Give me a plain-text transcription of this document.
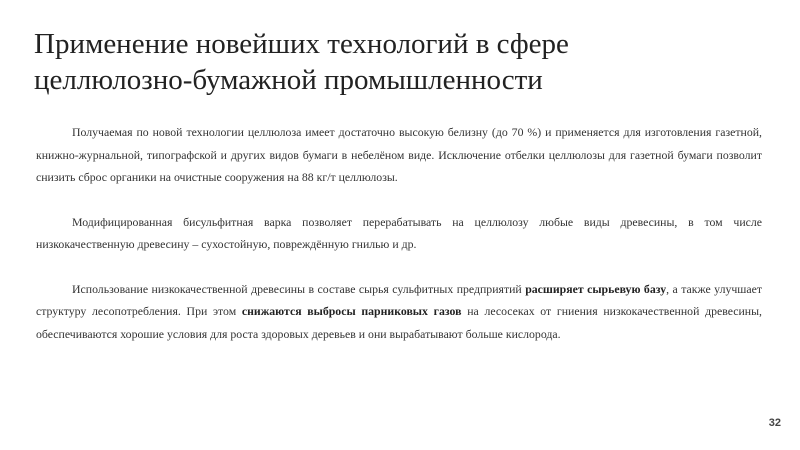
Применение новейших технологий в сфере
целлюлозно-бумажной промышленности

Получаемая по новой технологии целлюлоза имеет достаточно высокую белизну (до 70 %) и применяется для изготовления газетной, книжно-журнальной, типографской и других видов бумаги в небелёном виде. Исключение отбелки целлюлозы для газетной бумаги позволит снизить сброс органики на очистные сооружения на 88 кг/т целлюлозы.

Модифицированная бисульфитная варка позволяет перерабатывать на целлюлозу любые виды древесины, в том числе низкокачественную древесину – сухостойную, повреждённую гнилью и др.

Использование низкокачественной древесины в составе сырья сульфитных предприятий расширяет сырьевую базу, а также улучшает структуру лесопотребления. При этом снижаются выбросы парниковых газов на лесосеках от гниения низкокачественной древесины, обеспечиваются хорошие условия для роста здоровых деревьев и они вырабатывают больше кислорода.

32
